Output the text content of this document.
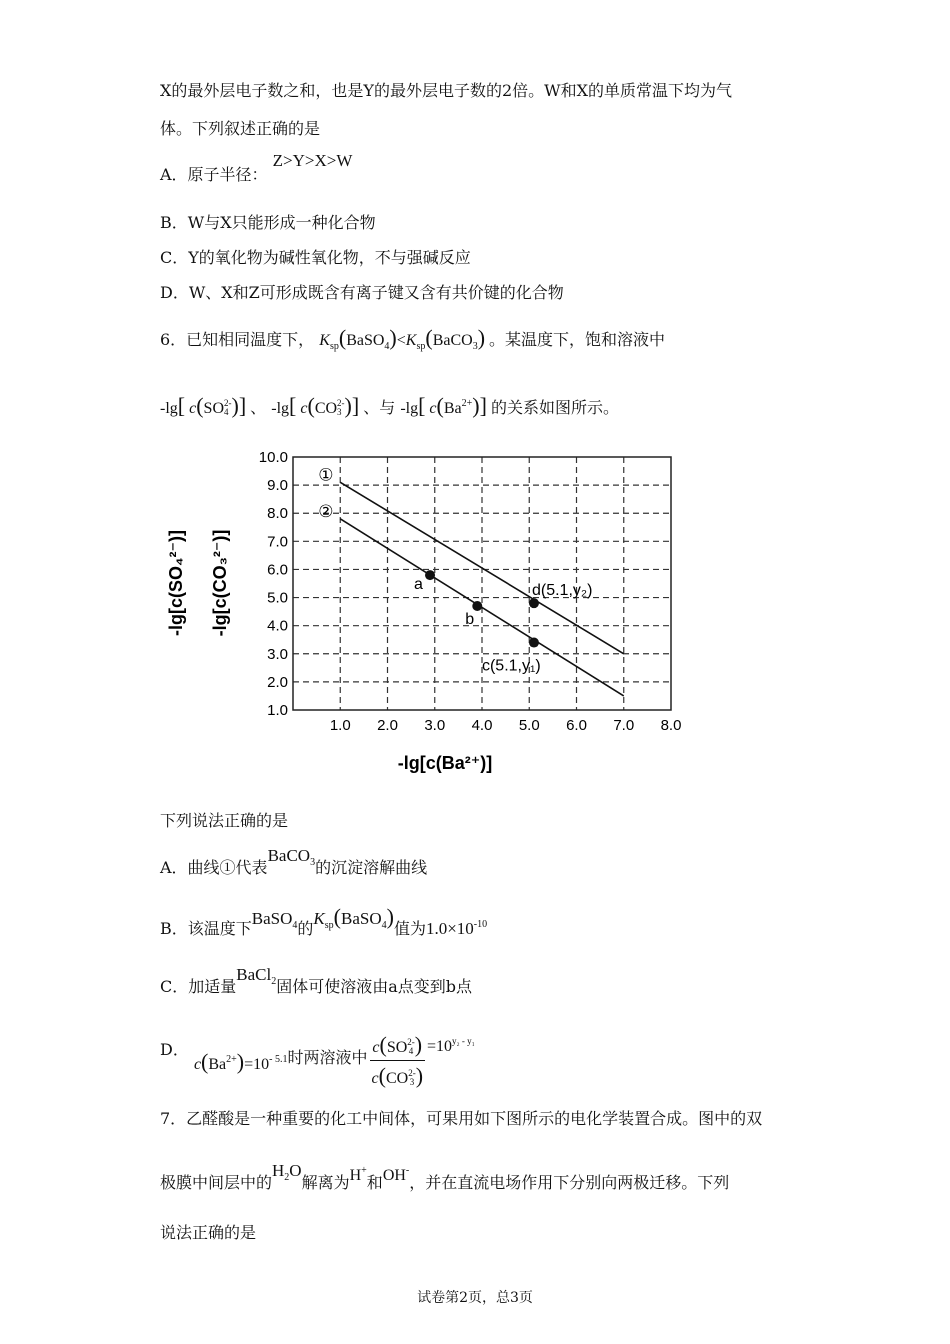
X的最外层电子数之和，也是Y的最外层电子数的2倍。W和X的单质常温下均为气
体。下列叙述正确的是
A．原子半径： Z>Y>X>W
B．W与X只能形成一种化合物
C．Y的氧化物为碱性氧化物，不与强碱反应
D．W、X和Z可形成既含有离子键又含有共价键的化合物
6．已知相同温度下， $K_{sp}(BaSO_4)<K_{sp}(BaCO_3)$ 。某温度下，饱和溶液中
-lg[ c(SO2-
4 )] 、 -lg[ c(CO2-
3 )] 、与 -lg[ $c(Ba^{2+})$] 的关系如图所示。
1.0 2.0 3.0 4.0 5.0 6.0 7.0 8.0
1.0
2.0
3.0
4.0
5.0
6.0
7.0
8.0
9.0
10.0
①
②
a
b
d(5.1,y₂)
c(5.1,y₁)
-lg[c(Ba²⁺)]
-lg[c(SO₄²⁻)] -lg[c(CO₃²⁻)]
下列说法正确的是
A．曲线①代表BaCO$_3$的沉淀溶解曲线
B．该温度下BaSO$_4$的$K_{sp}(BaSO_4)$值为$1.0\times 10^{-10}$
C．加适量BaCl$_2$固体可使溶液由a点变到b点
D． $c(Ba^{2+})=10^{- 5.1}$时两溶液中
c(SO2-
4)
c(CO2-
3)
$=10^{y_2 - y_1}$
7．乙醛酸是一种重要的化工中间体，可果用如下图所示的电化学装置合成。图中的双
极膜中间层中的$H_2O$解离为H+和OH-，并在直流电场作用下分别向两极迁移。下列
说法正确的是
试卷第2页，总3页
